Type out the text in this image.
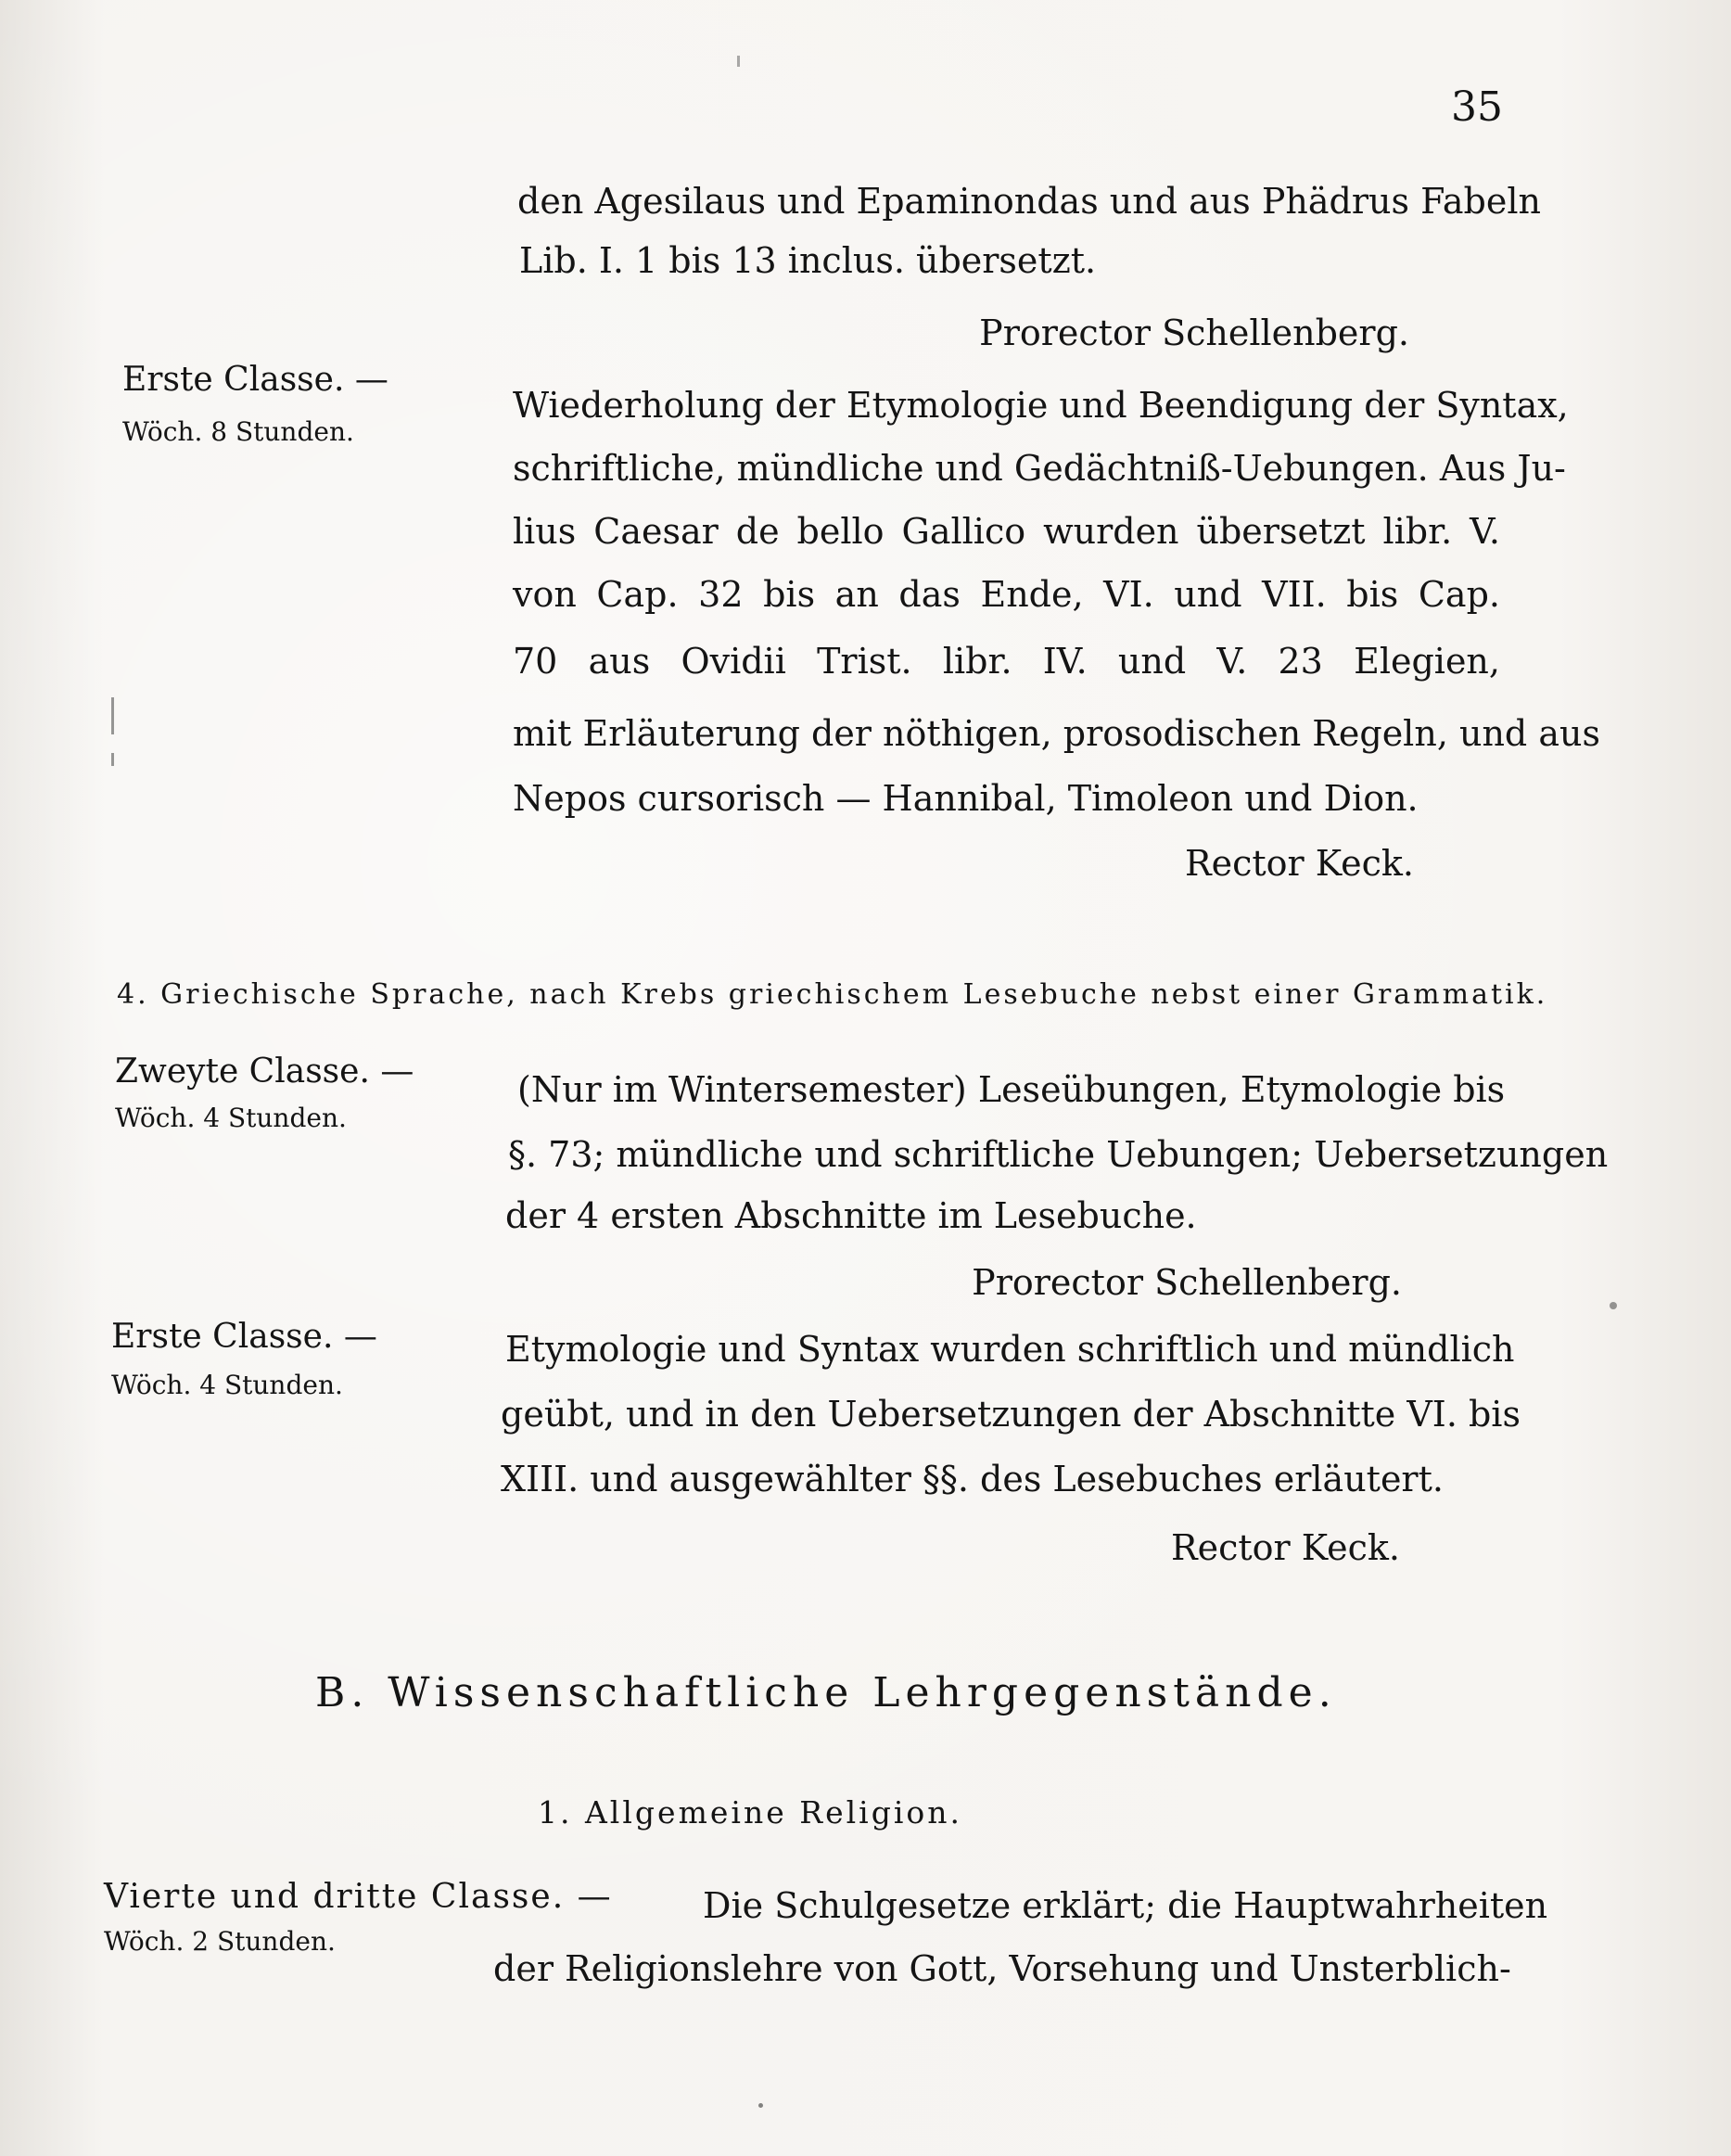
35
den Agesilaus und Epaminondas und aus Phädrus Fabeln
Lib. I. 1 bis 13 inclus. übersetzt.
Prorector Schellenberg.
Erste Classe. —
Wöch. 8 Stunden.
Wiederholung der Etymologie und Beendigung der Syntax,
schriftliche, mündliche und Gedächtniß-Uebungen. Aus Ju-
lius Caesar de bello Gallico wurden übersetzt libr. V.
von Cap. 32 bis an das Ende, VI. und VII. bis Cap.
70 aus Ovidii Trist. libr. IV. und V. 23 Elegien,
mit Erläuterung der nöthigen, prosodischen Regeln, und aus
Nepos cursorisch — Hannibal, Timoleon und Dion.
Rector Keck.
4. Griechische Sprache, nach Krebs griechischem Lesebuche nebst einer Grammatik.
Zweyte Classe. —
Wöch. 4 Stunden.
(Nur im Wintersemester) Leseübungen, Etymologie bis
§. 73; mündliche und schriftliche Uebungen; Uebersetzungen
der 4 ersten Abschnitte im Lesebuche.
Prorector Schellenberg.
Erste Classe. —
Wöch. 4 Stunden.
Etymologie und Syntax wurden schriftlich und mündlich
geübt, und in den Uebersetzungen der Abschnitte VI. bis
XIII. und ausgewählter §§. des Lesebuches erläutert.
Rector Keck.
B. Wissenschaftliche Lehrgegenstände.
1. Allgemeine Religion.
Vierte und dritte Classe. —	Die Schulgesetze erklärt; die Hauptwahrheiten
Wöch. 2 Stunden.
der Religionslehre von Gott, Vorsehung und Unsterblich-
